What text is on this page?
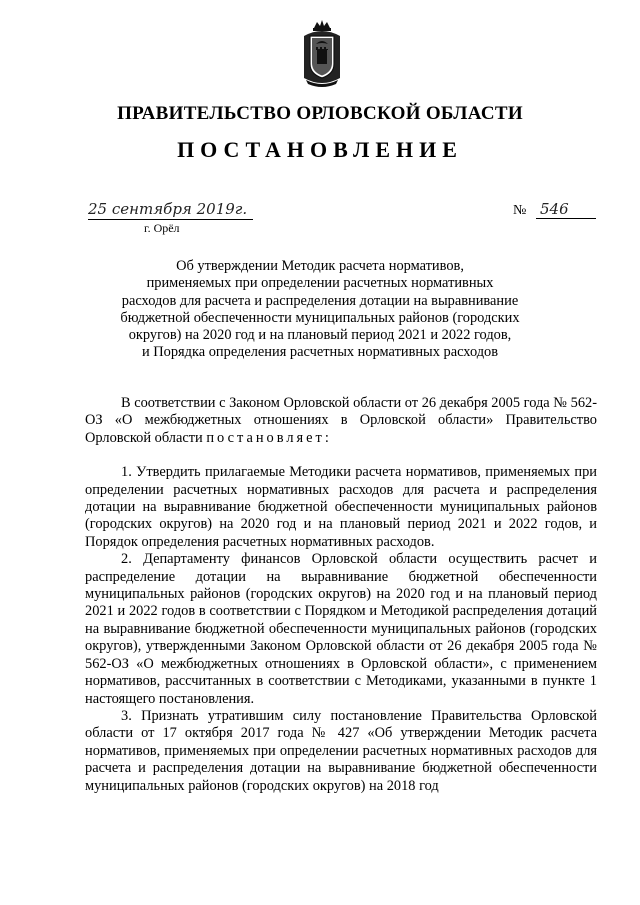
ПРАВИТЕЛЬСТВО ОРЛОВСКОЙ ОБЛАСТИ
ПОСТАНОВЛЕНИЕ
25 сентября 2019г.	№ 546
г. Орёл
Об утверждении Методик расчета нормативов,
применяемых при определении расчетных нормативных
расходов для расчета и распределения дотации на выравнивание
бюджетной обеспеченности муниципальных районов (городских
округов) на 2020 год и на плановый период 2021 и 2022 годов,
и Порядка определения расчетных нормативных расходов

В соответствии с Законом Орловской области от 26 декабря 2005 года № 562-ОЗ «О межбюджетных отношениях в Орловской области» Правительство Орловской области постановляет:

1. Утвердить прилагаемые Методики расчета нормативов, применяемых при определении расчетных нормативных расходов для расчета и распределения дотации на выравнивание бюджетной обеспеченности муниципальных районов (городских округов) на 2020 год и на плановый период 2021 и 2022 годов, и Порядок определения расчетных нормативных расходов.

2. Департаменту финансов Орловской области осуществить расчет и распределение дотации на выравнивание бюджетной обеспеченности муниципальных районов (городских округов) на 2020 год и на плановый период 2021 и 2022 годов в соответствии с Порядком и Методикой распределения дотаций на выравнивание бюджетной обеспеченности муниципальных районов (городских округов), утвержденными Законом Орловской области от 26 декабря 2005 года № 562-ОЗ «О межбюджетных отношениях в Орловской области», с применением нормативов, рассчитанных в соответствии с Методиками, указанными в пункте 1 настоящего постановления.

3. Признать утратившим силу постановление Правительства Орловской области от 17 октября 2017 года № 427 «Об утверждении Методик расчета нормативов, применяемых при определении расчетных нормативных расходов для расчета и распределения дотации на выравнивание бюджетной обеспеченности муниципальных районов (городских округов) на 2018 год
